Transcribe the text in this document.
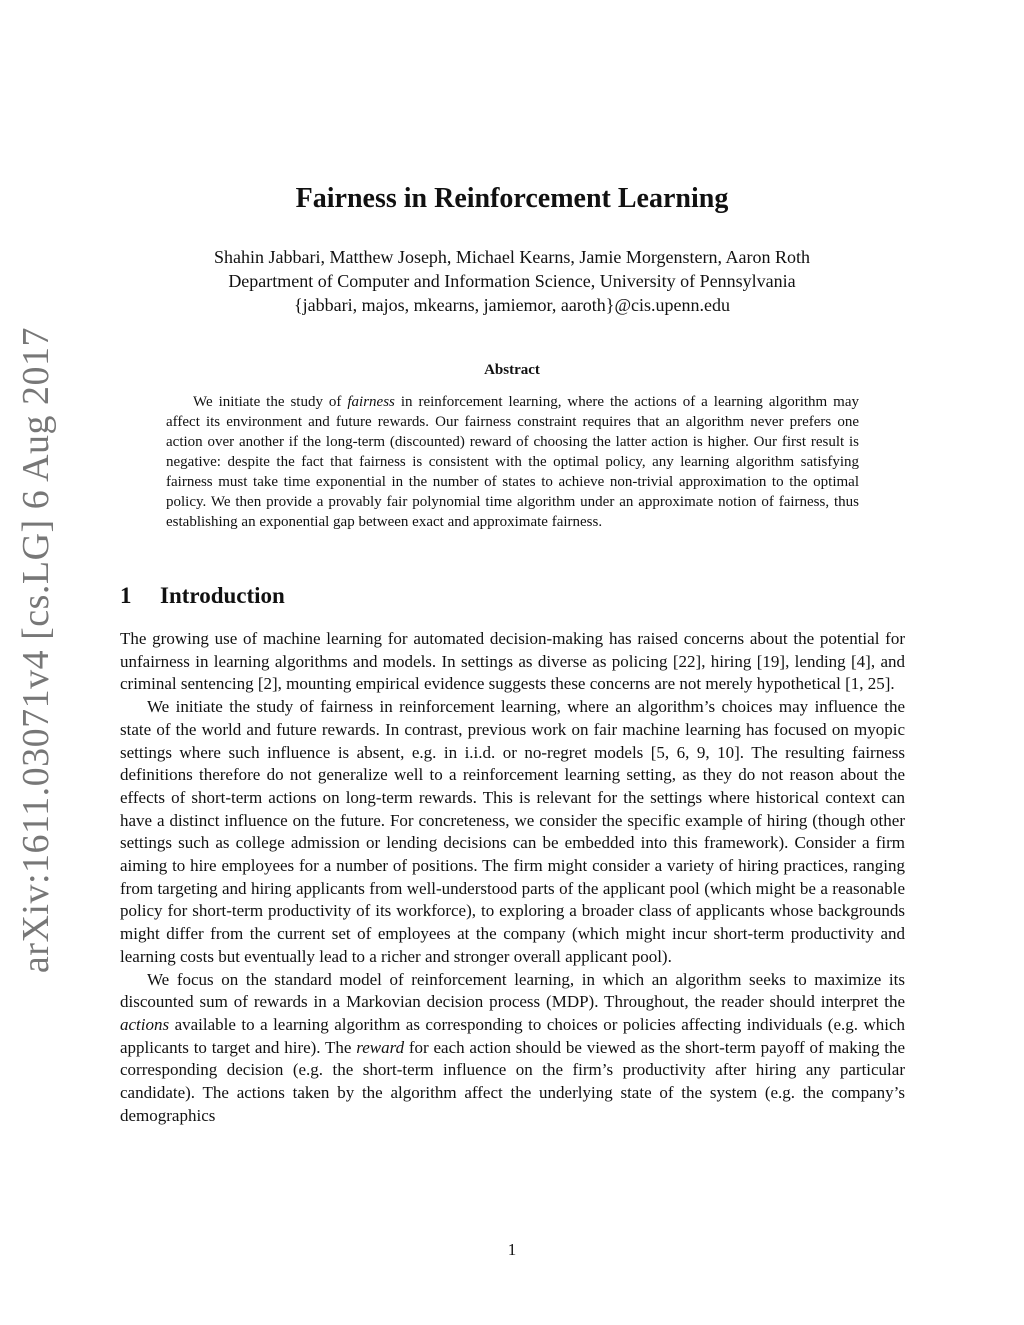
arXiv:1611.03071v4 [cs.LG] 6 Aug 2017
Fairness in Reinforcement Learning
Shahin Jabbari, Matthew Joseph, Michael Kearns, Jamie Morgenstern, Aaron Roth
Department of Computer and Information Science, University of Pennsylvania
{jabbari, majos, mkearns, jamiemor, aaroth}@cis.upenn.edu
Abstract

We initiate the study of fairness in reinforcement learning, where the actions of a learning algorithm may affect its environment and future rewards. Our fairness constraint requires that an algorithm never prefers one action over another if the long-term (discounted) reward of choosing the latter action is higher. Our first result is negative: despite the fact that fairness is consistent with the optimal policy, any learning algorithm satisfying fairness must take time exponential in the number of states to achieve non-trivial approximation to the optimal policy. We then provide a provably fair polynomial time algorithm under an approximate notion of fairness, thus establishing an exponential gap between exact and approximate fairness.

1 Introduction

The growing use of machine learning for automated decision-making has raised concerns about the potential for unfairness in learning algorithms and models. In settings as diverse as policing [22], hiring [19], lending [4], and criminal sentencing [2], mounting empirical evidence suggests these concerns are not merely hypothetical [1, 25].

We initiate the study of fairness in reinforcement learning, where an algorithm’s choices may influence the state of the world and future rewards. In contrast, previous work on fair machine learning has focused on myopic settings where such influence is absent, e.g. in i.i.d. or no-regret models [5, 6, 9, 10]. The resulting fairness definitions therefore do not generalize well to a reinforcement learning setting, as they do not reason about the effects of short-term actions on long-term rewards. This is relevant for the settings where historical context can have a distinct influence on the future. For concreteness, we consider the specific example of hiring (though other settings such as college admission or lending decisions can be embedded into this framework). Consider a firm aiming to hire employees for a number of positions. The firm might consider a variety of hiring practices, ranging from targeting and hiring applicants from well-understood parts of the applicant pool (which might be a reasonable policy for short-term productivity of its workforce), to exploring a broader class of applicants whose backgrounds might differ from the current set of employees at the company (which might incur short-term productivity and learning costs but eventually lead to a richer and stronger overall applicant pool).

We focus on the standard model of reinforcement learning, in which an algorithm seeks to maximize its discounted sum of rewards in a Markovian decision process (MDP). Throughout, the reader should interpret the actions available to a learning algorithm as corresponding to choices or policies affecting individuals (e.g. which applicants to target and hire). The reward for each action should be viewed as the short-term payoff of making the corresponding decision (e.g. the short-term influence on the firm’s productivity after hiring any particular candidate). The actions taken by the algorithm affect the underlying state of the system (e.g. the company’s demographics

1
